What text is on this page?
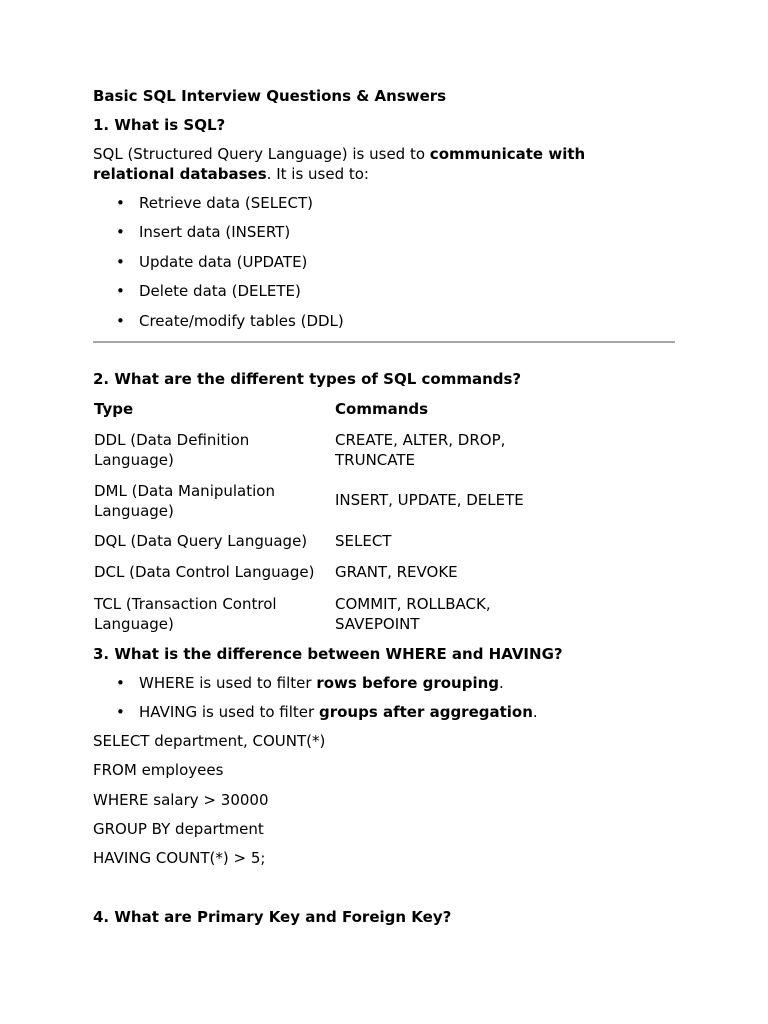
Basic SQL Interview Questions & Answers
1. What is SQL?
SQL (Structured Query Language) is used to communicate with
relational databases. It is used to:
• Retrieve data (SELECT)
• Insert data (INSERT)
• Update data (UPDATE)
• Delete data (DELETE)
• Create/modify tables (DDL)
2. What are the different types of SQL commands?
Type	Commands
DDL (Data Definition
Language)
CREATE, ALTER, DROP,
TRUNCATE
DML (Data Manipulation
Language)
INSERT, UPDATE, DELETE
DQL (Data Query Language) SELECT
DCL (Data Control Language) GRANT, REVOKE
TCL (Transaction Control
Language)
COMMIT, ROLLBACK,
SAVEPOINT
3. What is the difference between WHERE and HAVING?
• WHERE is used to filter rows before grouping.
• HAVING is used to filter groups after aggregation.
SELECT department, COUNT(*)
FROM employees
WHERE salary > 30000
GROUP BY department
HAVING COUNT(*) > 5;
4. What are Primary Key and Foreign Key?
